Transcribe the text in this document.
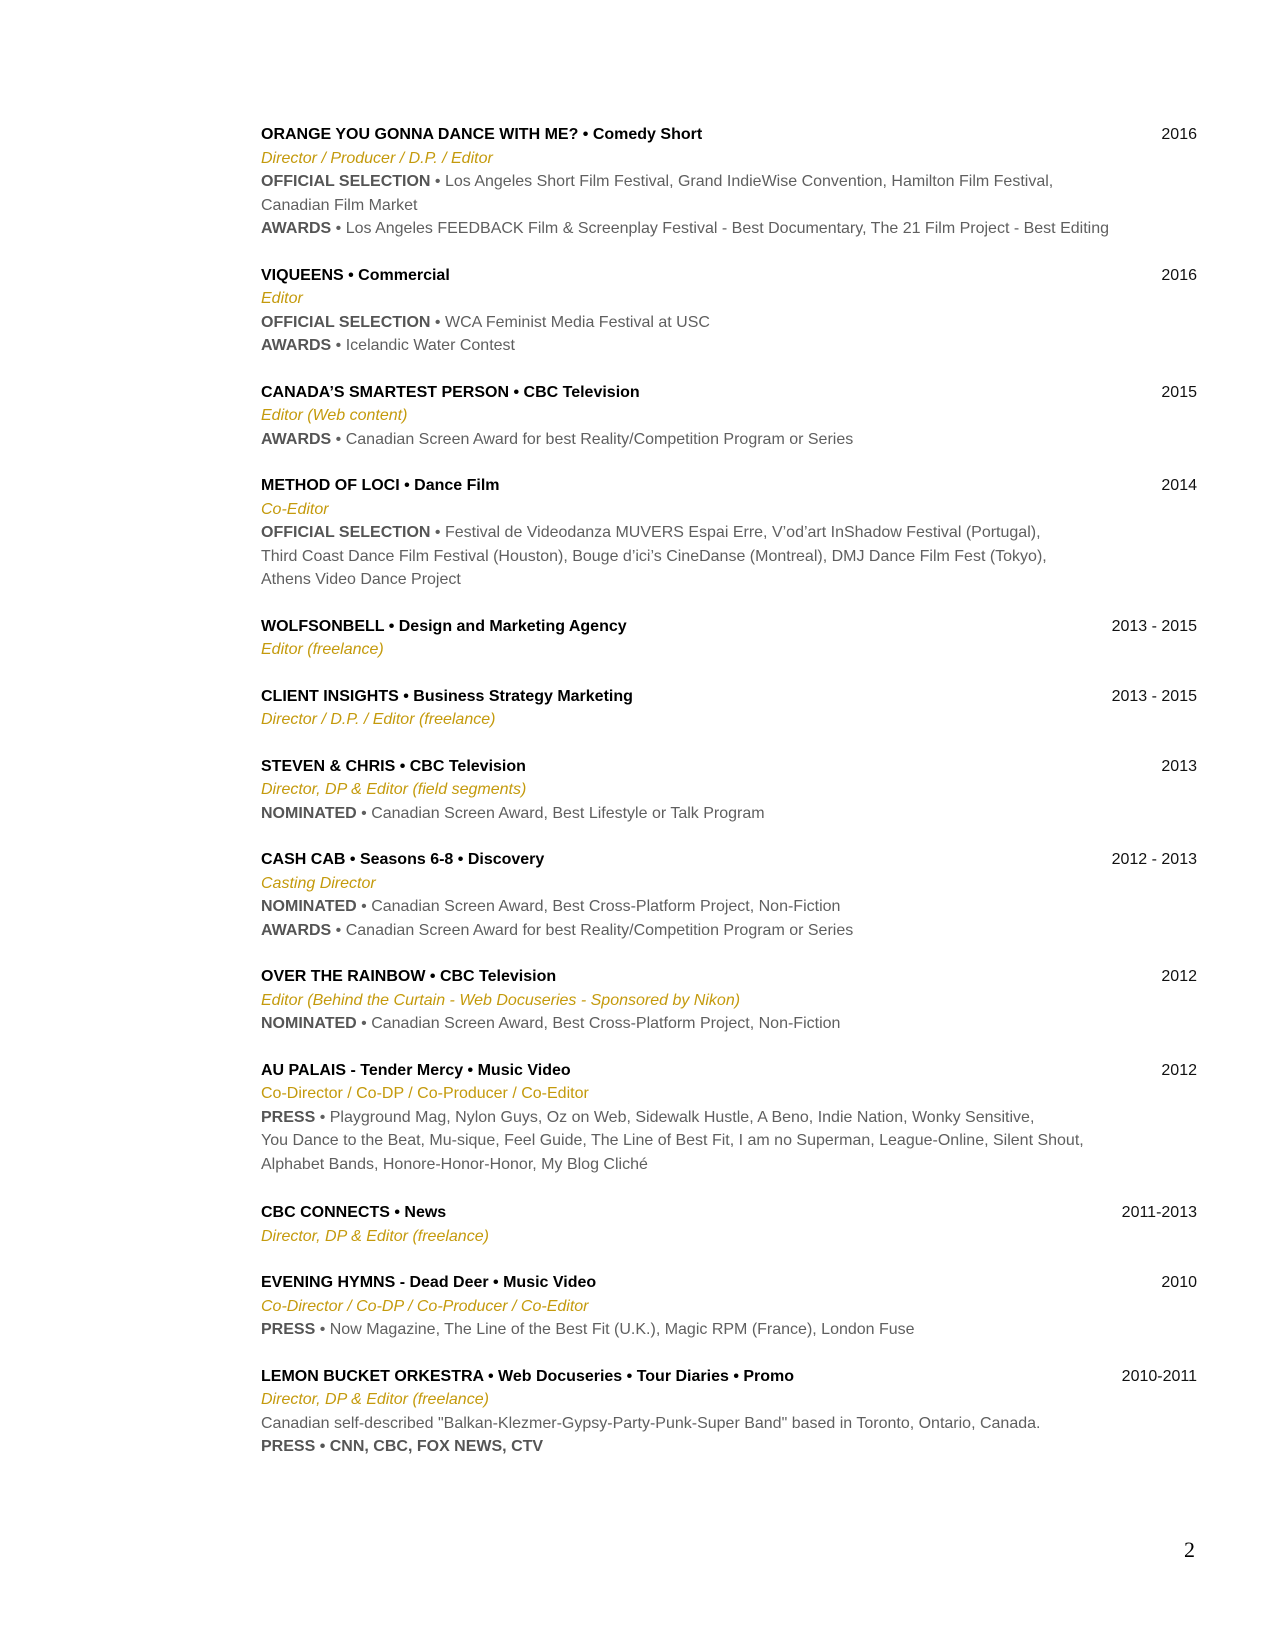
ORANGE YOU GONNA DANCE WITH ME? • Comedy Short	2016
Director / Producer / D.P. / Editor
OFFICIAL SELECTION • Los Angeles Short Film Festival, Grand IndieWise Convention, Hamilton Film Festival,
Canadian Film Market
AWARDS • Los Angeles FEEDBACK Film & Screenplay Festival - Best Documentary, The 21 Film Project - Best Editing
VIQUEENS • Commercial	2016
Editor
OFFICIAL SELECTION • WCA Feminist Media Festival at USC
AWARDS • Icelandic Water Contest
CANADA’S SMARTEST PERSON • CBC Television	2015
Editor (Web content)
AWARDS • Canadian Screen Award for best Reality/Competition Program or Series
METHOD OF LOCI • Dance Film	2014
Co-Editor
OFFICIAL SELECTION • Festival de Videodanza MUVERS Espai Erre, V’od’art InShadow Festival (Portugal),
Third Coast Dance Film Festival (Houston), Bouge d’ici’s CineDanse (Montreal), DMJ Dance Film Fest (Tokyo),
Athens Video Dance Project
WOLFSONBELL • Design and Marketing Agency	2013 - 2015
Editor (freelance)
CLIENT INSIGHTS • Business Strategy Marketing	2013 - 2015
Director / D.P. / Editor (freelance)
STEVEN & CHRIS • CBC Television	2013
Director, DP & Editor (field segments)
NOMINATED • Canadian Screen Award, Best Lifestyle or Talk Program
CASH CAB • Seasons 6-8 • Discovery	2012 - 2013
Casting Director
NOMINATED • Canadian Screen Award, Best Cross-Platform Project, Non-Fiction
AWARDS • Canadian Screen Award for best Reality/Competition Program or Series
OVER THE RAINBOW • CBC Television	2012
Editor (Behind the Curtain - Web Docuseries - Sponsored by Nikon)
NOMINATED • Canadian Screen Award, Best Cross-Platform Project, Non-Fiction
AU PALAIS - Tender Mercy • Music Video	2012
Co-Director / Co-DP / Co-Producer / Co-Editor
PRESS • Playground Mag, Nylon Guys, Oz on Web, Sidewalk Hustle, A Beno, Indie Nation, Wonky Sensitive,
You Dance to the Beat, Mu-sique, Feel Guide, The Line of Best Fit, I am no Superman, League-Online, Silent Shout,
Alphabet Bands, Honore-Honor-Honor, My Blog Cliché
CBC CONNECTS • News	2011-2013
Director, DP & Editor (freelance)
EVENING HYMNS - Dead Deer • Music Video	2010
Co-Director / Co-DP / Co-Producer / Co-Editor
PRESS • Now Magazine, The Line of the Best Fit (U.K.), Magic RPM (France), London Fuse
LEMON BUCKET ORKESTRA • Web Docuseries • Tour Diaries • Promo	2010-2011
Director, DP & Editor (freelance)
Canadian self-described "Balkan-Klezmer-Gypsy-Party-Punk-Super Band" based in Toronto, Ontario, Canada.
PRESS • CNN, CBC, FOX NEWS, CTV
2
